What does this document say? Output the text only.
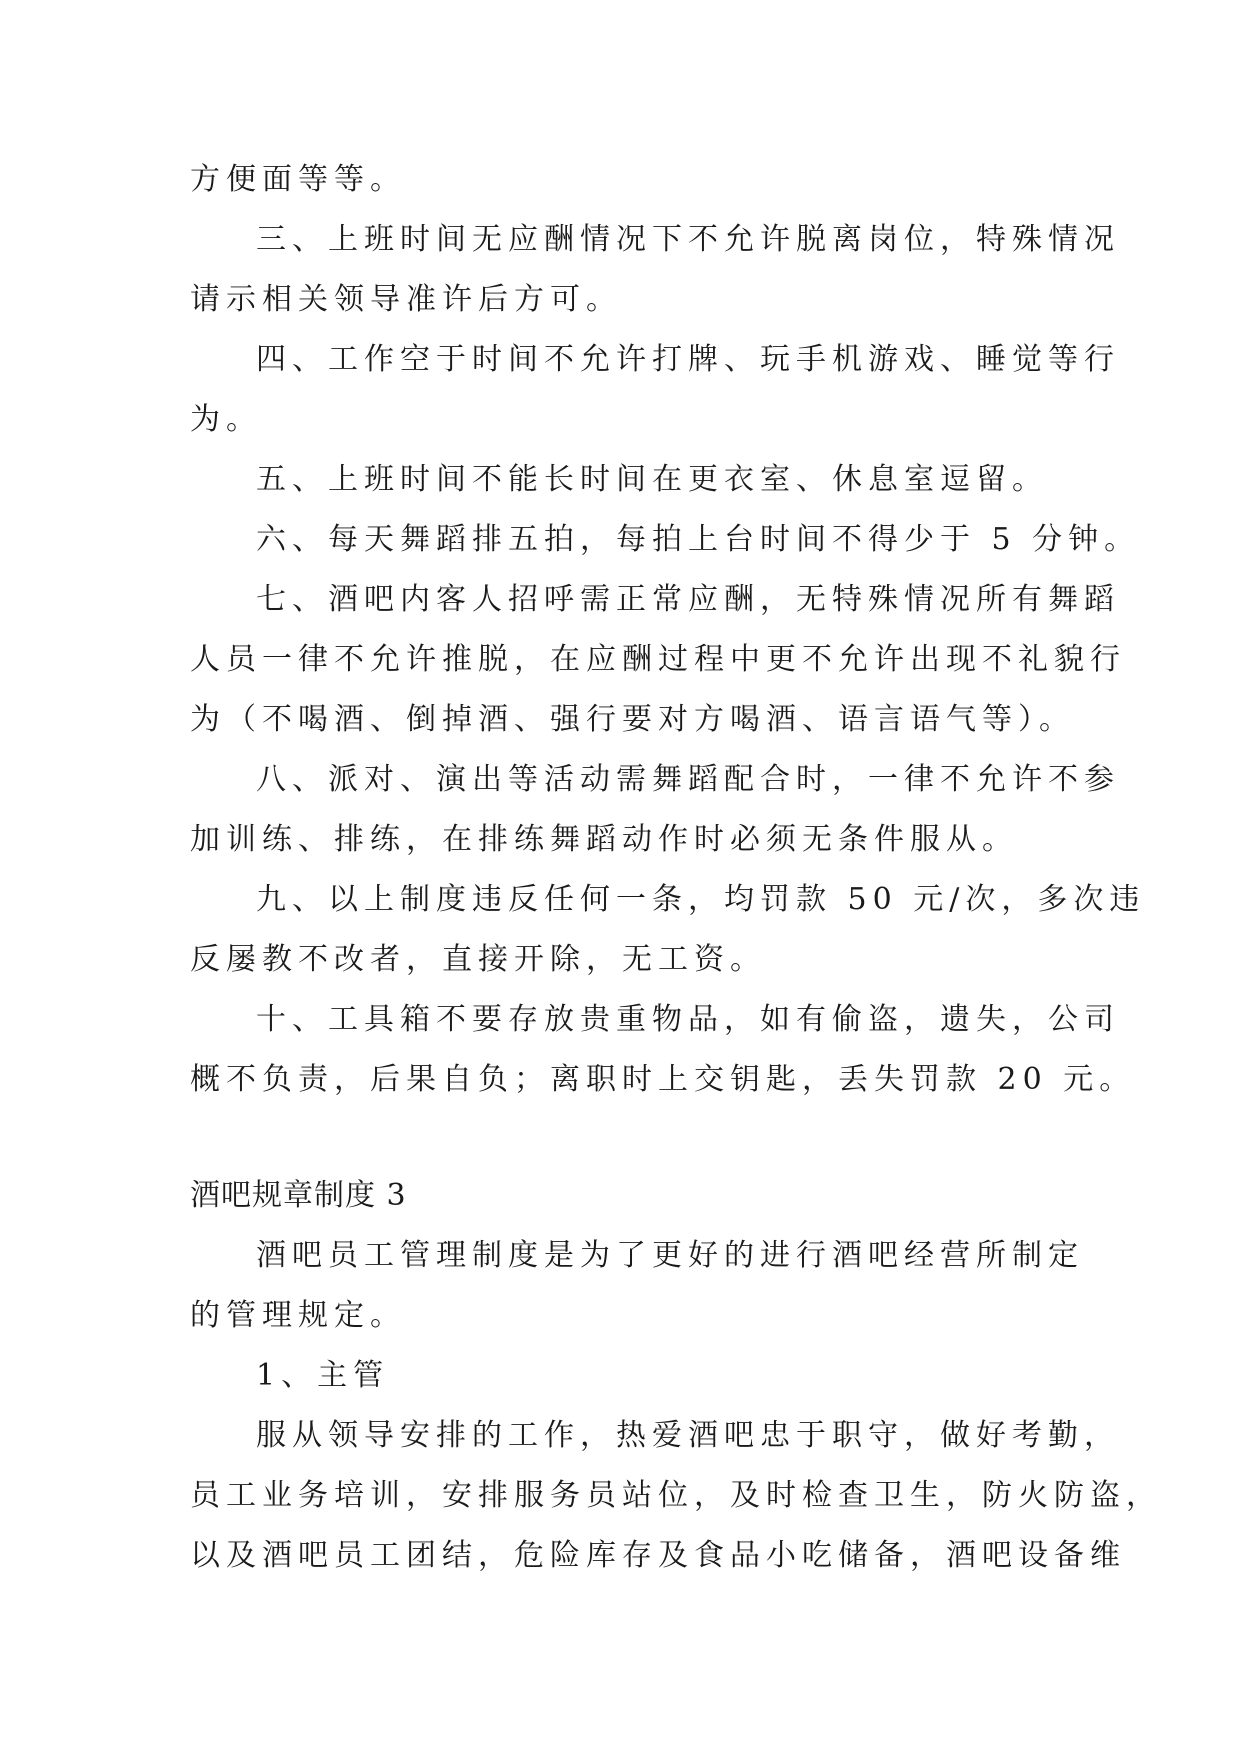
方便面等等。
三、上班时间无应酬情况下不允许脱离岗位，特殊情况
请示相关领导准许后方可。
四、工作空于时间不允许打牌、玩手机游戏、睡觉等行
为。
五、上班时间不能长时间在更衣室、休息室逗留。
六、每天舞蹈排五拍，每拍上台时间不得少于 5 分钟。
七、酒吧内客人招呼需正常应酬，无特殊情况所有舞蹈
人员一律不允许推脱，在应酬过程中更不允许出现不礼貌行
为（不喝酒、倒掉酒、强行要对方喝酒、语言语气等）。
八、派对、演出等活动需舞蹈配合时，一律不允许不参
加训练、排练，在排练舞蹈动作时必须无条件服从。
九、以上制度违反任何一条，均罚款 50 元/次，多次违
反屡教不改者，直接开除，无工资。
十、工具箱不要存放贵重物品，如有偷盗，遗失，公司
概不负责，后果自负；离职时上交钥匙，丢失罚款 20 元。
酒吧规章制度 3
酒吧员工管理制度是为了更好的进行酒吧经营所制定
的管理规定。
1、主管
服从领导安排的工作，热爱酒吧忠于职守，做好考勤，
员工业务培训，安排服务员站位，及时检查卫生，防火防盗，
以及酒吧员工团结，危险库存及食品小吃储备，酒吧设备维
